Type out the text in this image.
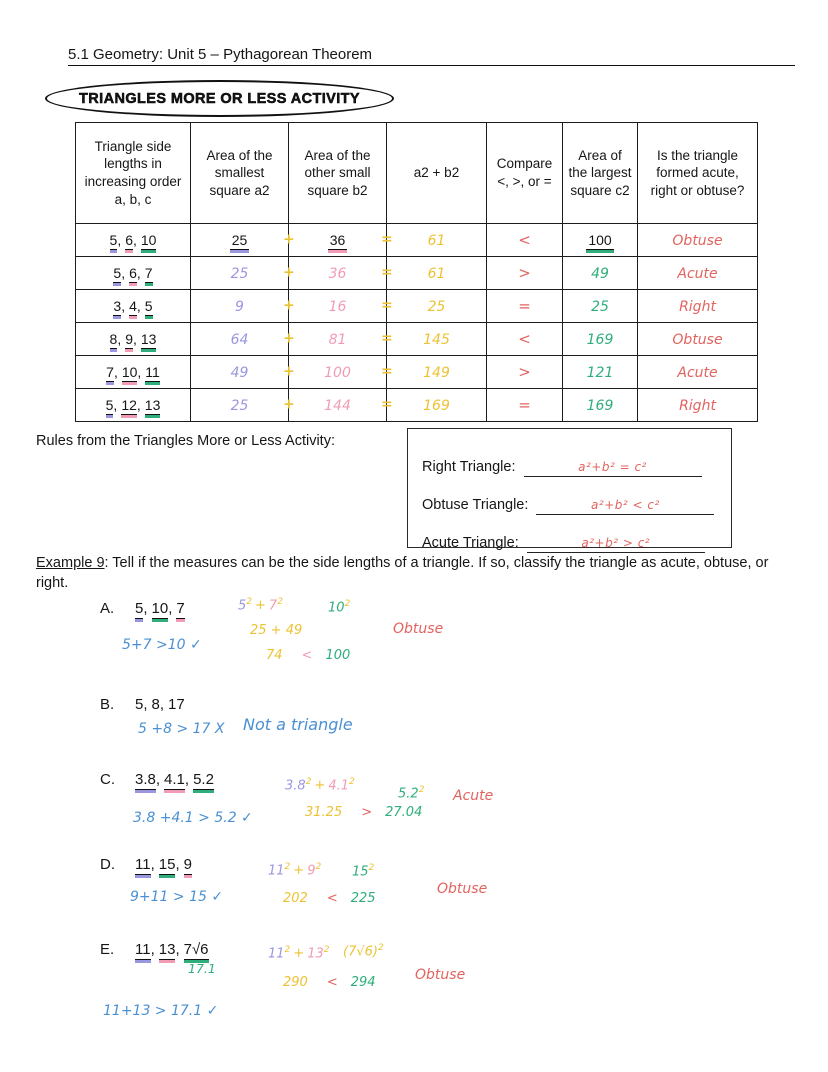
5.1 Geometry: Unit 5 – Pythagorean Theorem
TRIANGLES MORE OR LESS ACTIVITY
Triangle side lengths in increasing order a, b, c	Area of the smallest square a2	Area of the other small square b2	a2 + b2	Compare <, >, or =	Area of the largest square c2	Is the triangle formed acute, right or obtuse?
5, 6, 10	25	+ 36	= 61	<	100	Obtuse
5, 6, 7	25	+ 36	= 61	>	49	Acute
3, 4, 5	9	+ 16	= 25	=	25	Right
8, 9, 13	64	+ 81	= 145	<	169	Obtuse
7, 10, 11	49	+ 100	= 149	>	121	Acute
5, 12, 13	25	+ 144	= 169	=	169	Right
Rules from the Triangles More or Less Activity:
Right Triangle:	a²+b² = c²
Obtuse Triangle:	a²+b² < c²
Acute Triangle:	a²+b² > c²
Example 9: Tell if the measures can be the side lengths of a triangle. If so, classify the triangle as acute, obtuse, or right.
A. 5, 10, 7	$5^2 + 7^2$	$10^2$
25 + 49
74 < 100
5+7 >10 ✓
Obtuse
B. 5, 8, 17
5 +8 > 17 X Not a triangle
C. 3.8, 4.1, 5.2	$3.8^2 + 4.1^2$
$5.2^2$
31.25 > 27.04
3.8 +4.1 > 5.2 ✓
Acute
D. 11, 15, 9	$11^2 + 9^2$ $15^2$
202 < 225
9+11 > 15 ✓	Obtuse
E. 11, 13, 7√6
17.1
$11^2 + 13^2$ $(7√6)^2$
290 < 294
11+13 > 17.1 ✓
Obtuse
